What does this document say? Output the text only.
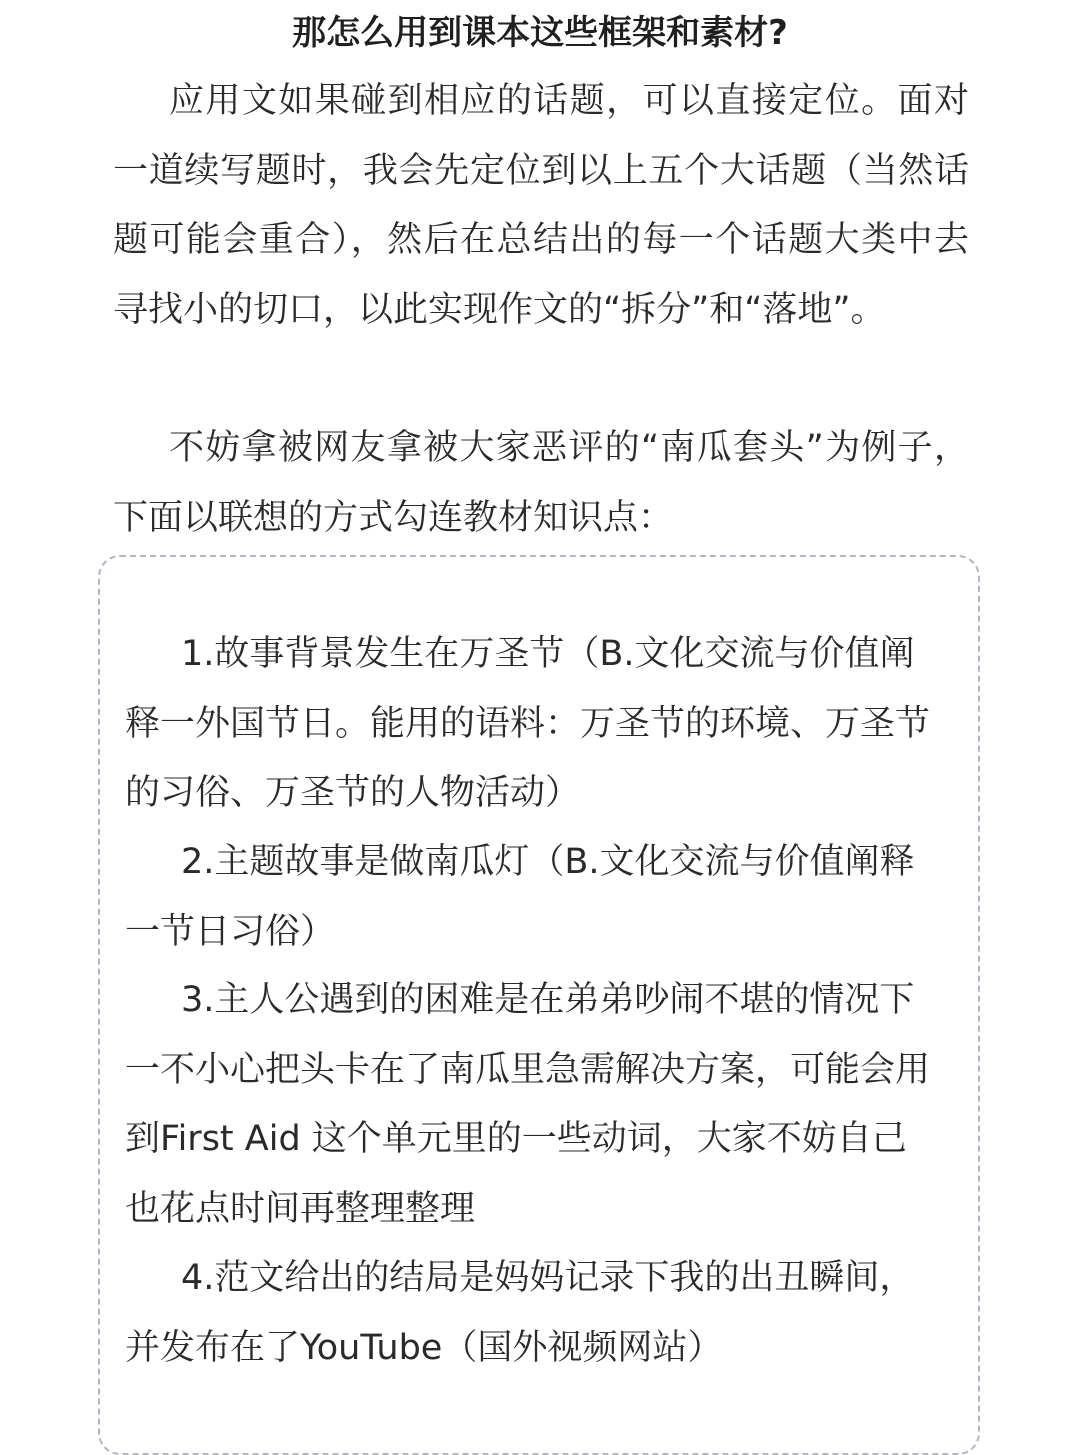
那怎么用到课本这些框架和素材?

应用文如果碰到相应的话题，可以直接定位。面对一道续写题时，我会先定位到以上五个大话题（当然话题可能会重合），然后在总结出的每一个话题大类中去寻找小的切口，以此实现作文的“拆分”和“落地”。

不妨拿被网友拿被大家恶评的“南瓜套头”为例子，下面以联想的方式勾连教材知识点：

1.故事背景发生在万圣节（B.文化交流与价值阐释一外国节日。能用的语料：万圣节的环境、万圣节的习俗、万圣节的人物活动）

2.主题故事是做南瓜灯（B.文化交流与价值阐释一节日习俗）

3.主人公遇到的困难是在弟弟吵闹不堪的情况下一不小心把头卡在了南瓜里急需解决方案，可能会用到First Aid 这个单元里的一些动词，大家不妨自己也花点时间再整理整理

4.范文给出的结局是妈妈记录下我的出丑瞬间，并发布在了YouTube（国外视频网站）
